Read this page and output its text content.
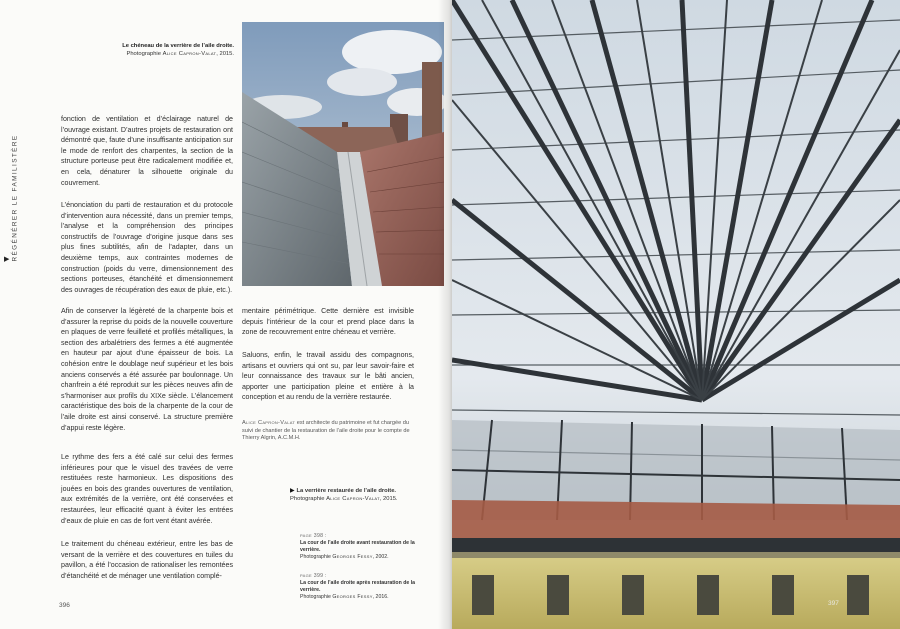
RÉGÉNÉRER LE FAMILISTÈRE
▶
Le chéneau de la verrière de l’aile droite.
Photographie Alice Capron-Valat, 2015.

fonction de ventilation et d’éclairage naturel de l’ouvrage existant. D’autres projets de restauration ont démontré que, faute d’une insuffisante anticipation sur le mode de renfort des charpentes, la section de la structure porteuse peut être radicalement modifiée et, en cela, dénaturer la silhouette originale du couvrement.

L’énonciation du parti de restauration et du protocole d’intervention aura nécessité, dans un premier temps, l’analyse et la compréhension des principes constructifs de l’ouvrage d’origine jusque dans ses plus fines subtilités, afin de l’adapter, dans un deuxième temps, aux contraintes modernes de construction (poids du verre, dimensionnement des sections porteuses, étanchéité et dimensionnement des ouvrages de récupération des eaux de pluie, etc.).

Afin de conserver la légèreté de la charpente bois et d’assurer la reprise du poids de la nouvelle couverture en plaques de verre feuilleté et profilés métalliques, la section des arbalétriers des fermes a été augmentée en hauteur par ajout d’une épaisseur de bois. La cohésion entre le doublage neuf supérieur et les bois anciens conservés a été assurée par boulonnage. Un chanfrein a été reproduit sur les pièces neuves afin de s’harmoniser aux profils du XIXe siècle. L’élancement caractéristique des bois de la charpente de la cour de l’aile droite est ainsi conservé. La structure première d’appui reste légère.

Le rythme des fers a été calé sur celui des fermes inférieures pour que le visuel des travées de verre restituées reste harmonieux. Les dispositions des jouées en bois des grandes ouvertures de ventilation, aux extrémités de la verrière, ont été conservées et restaurées, leur efficacité quant à éviter les entrées d’eaux de pluie en cas de fort vent étant avérée.

Le traitement du chéneau extérieur, entre les bas de versant de la verrière et des couvertures en tuiles du pavillon, a été l’occasion de rationaliser les remontées d’étanchéité et de ménager une ventilation complé-

mentaire périmétrique. Cette dernière est invisible depuis l’intérieur de la cour et prend place dans la zone de recouvrement entre chéneau et verrière.

Saluons, enfin, le travail assidu des compagnons, artisans et ouvriers qui ont su, par leur savoir-faire et leur connaissance des travaux sur le bâti ancien, apporter une participation pleine et entière à la conception et au rendu de la verrière restaurée.

Alice Capron-Valat est architecte du patrimoine et fut chargée du suivi de chantier de la restauration de l’aile droite pour le compte de Thierry Algrin, A.C.M.H.
▶ La verrière restaurée de l’aile droite.
Photographie Alice Capron-Valat, 2015.
page 398 :
La cour de l’aile droite avant restauration de la verrière.
Photographie Georges Fessy, 2002.
page 399 :
La cour de l’aile droite après restauration de la verrière.
Photographie Georges Fessy, 2016.
396	397
